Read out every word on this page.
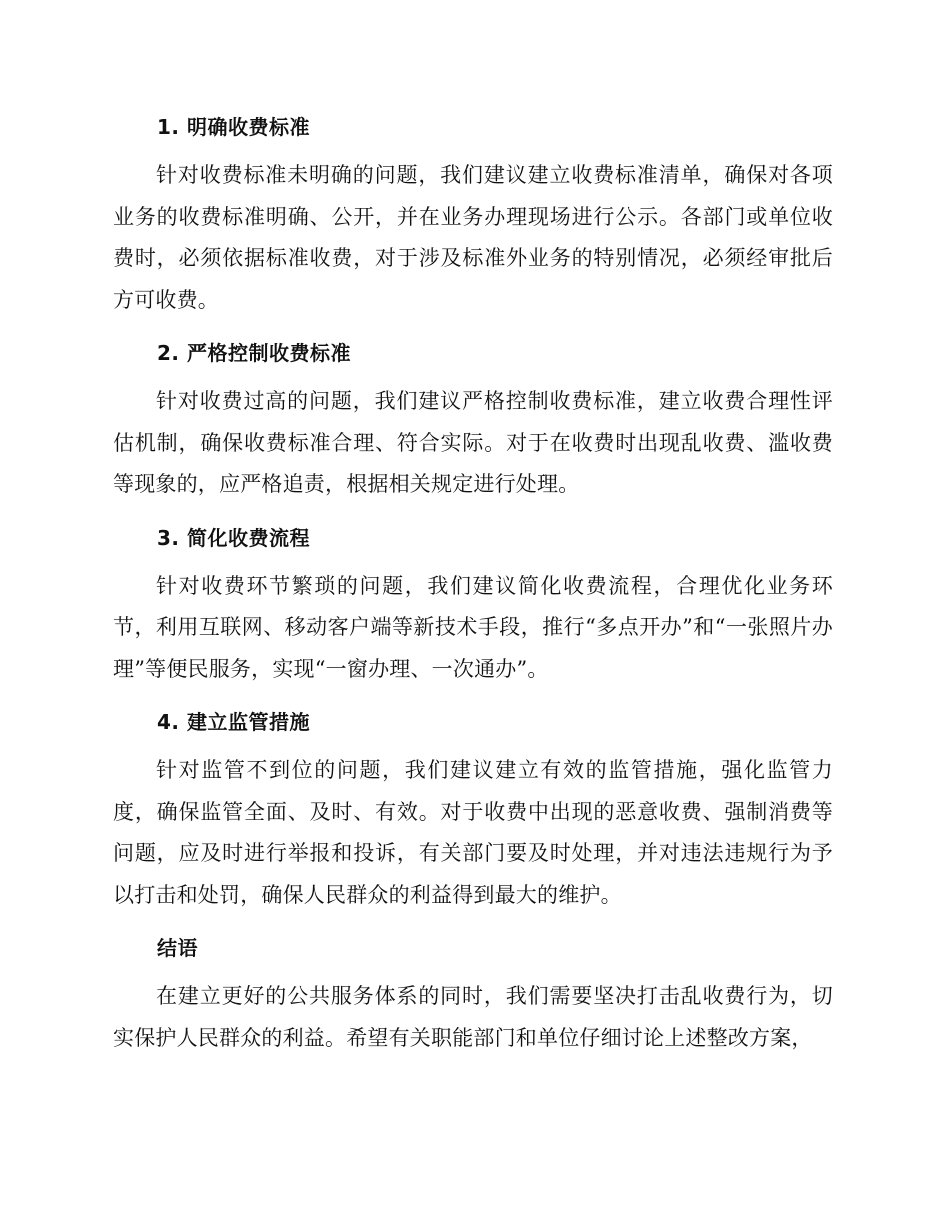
1. 明确收费标准

针对收费标准未明确的问题，我们建议建立收费标准清单，确保对各项业务的收费标准明确、公开，并在业务办理现场进行公示。各部门或单位收费时，必须依据标准收费，对于涉及标准外业务的特别情况，必须经审批后方可收费。

2. 严格控制收费标准

针对收费过高的问题，我们建议严格控制收费标准，建立收费合理性评估机制，确保收费标准合理、符合实际。对于在收费时出现乱收费、滥收费等现象的，应严格追责，根据相关规定进行处理。

3. 简化收费流程

针对收费环节繁琐的问题，我们建议简化收费流程，合理优化业务环节，利用互联网、移动客户端等新技术手段，推行“多点开办”和“一张照片办理”等便民服务，实现“一窗办理、一次通办”。

4. 建立监管措施

针对监管不到位的问题，我们建议建立有效的监管措施，强化监管力度，确保监管全面、及时、有效。对于收费中出现的恶意收费、强制消费等问题，应及时进行举报和投诉，有关部门要及时处理，并对违法违规行为予以打击和处罚，确保人民群众的利益得到最大的维护。

结语

在建立更好的公共服务体系的同时，我们需要坚决打击乱收费行为，切实保护人民群众的利益。希望有关职能部门和单位仔细讨论上述整改方案，
